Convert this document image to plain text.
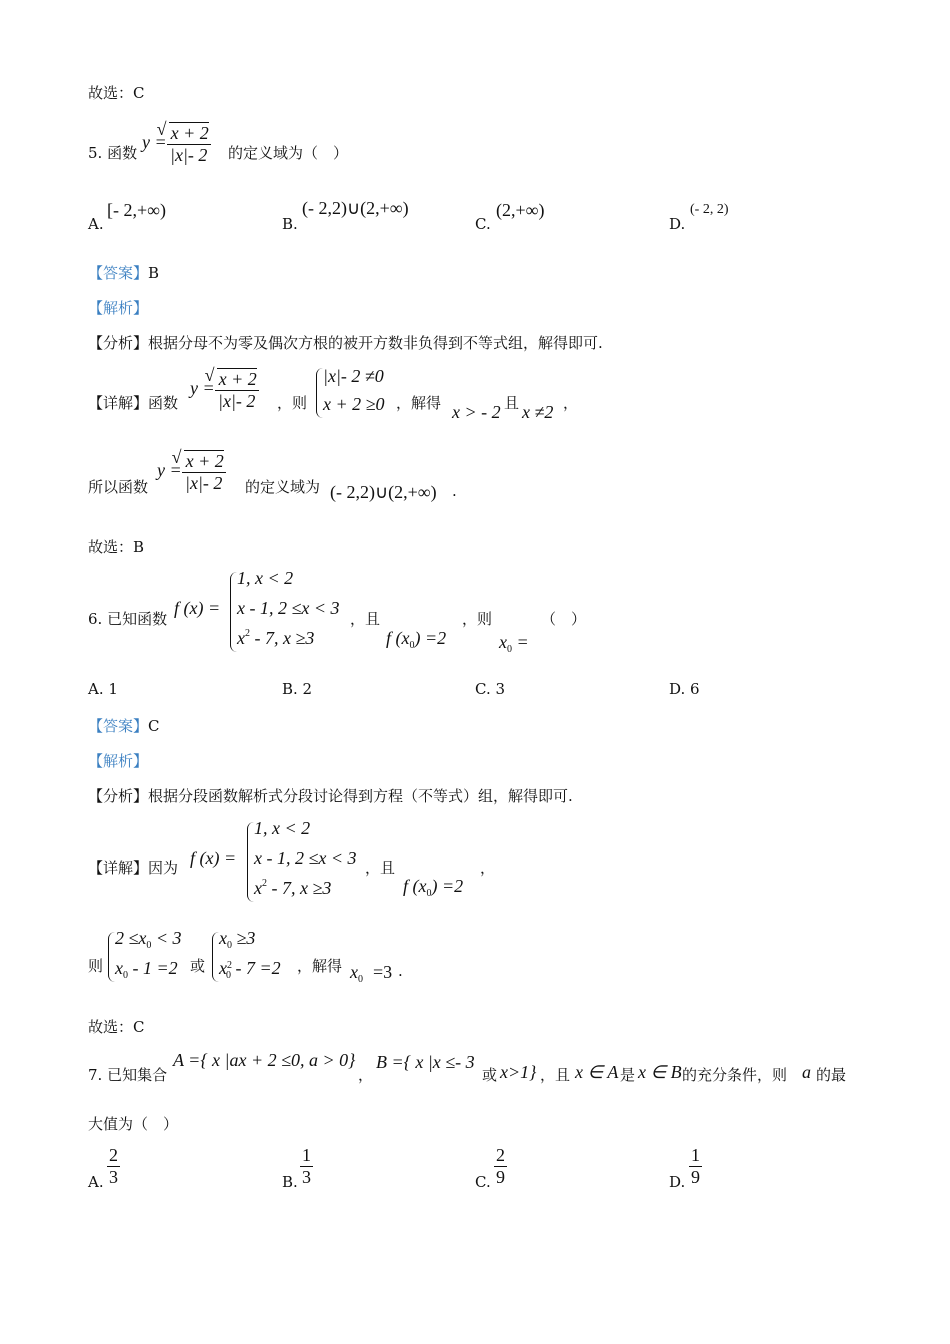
故选：C
5. 函数
y = √ $\frac{x + 2}{|x|- 2}$ 的定义域为（　）
A.
[- 2,+∞)
B.
(- 2,2)∪(2,+∞)
C.
(2,+∞)
D.
(- 2, 2)
【答案】B
【解析】
【分析】根据分母不为零及偶次方根的被开方数非负得到不等式组，解得即可.
【详解】函数
y = √ $\frac{x + 2}{|x|- 2}$ ，则
|x|- 2 ≠0
x + 2 ≥0 ，解得 x > - 2 且 x ≠2 ，
所以函数
y = √ $\frac{x + 2}{|x|- 2}$ 的定义域为 (- 2,2)∪(2,+∞) .
故选：B
6. 已知函数
f (x) =
1, x < 2
x - 1, 2 ≤x < 3
$x^2 - 7$, x ≥3
，且
f $(x_0) =2$
，则
$x_0$ =
（　）
A. 1	B. 2	C. 3	D. 6
【答案】C
【解析】
【分析】根据分段函数解析式分段讨论得到方程（不等式）组，解得即可.
【详解】因为 f (x) =
1, x < 2
x - 1, 2 ≤x < 3
$x^2 - 7$, x ≥3
，且
f $(x_0) =2$
，
则
$2 \le x_0 < 3$
$x_0 - 1 =2$ 或
$x_0 \ge 3$
$x^2_0 - 7 =2$ ，解得 $x_0 =3$ .
故选：C
7. 已知集合
A ={ x |ax + 2 ≤0, a > 0}
，
B ={ x |x ≤- 3
或 x>1} ，且 x ∈ A 是 x ∈ B 的充分条件，则 a 的最
大值为（　）
A. $\frac{2}{3}$	B. $\frac{1}{3}$	C. $\frac{2}{9}$	D. $\frac{1}{9}$
